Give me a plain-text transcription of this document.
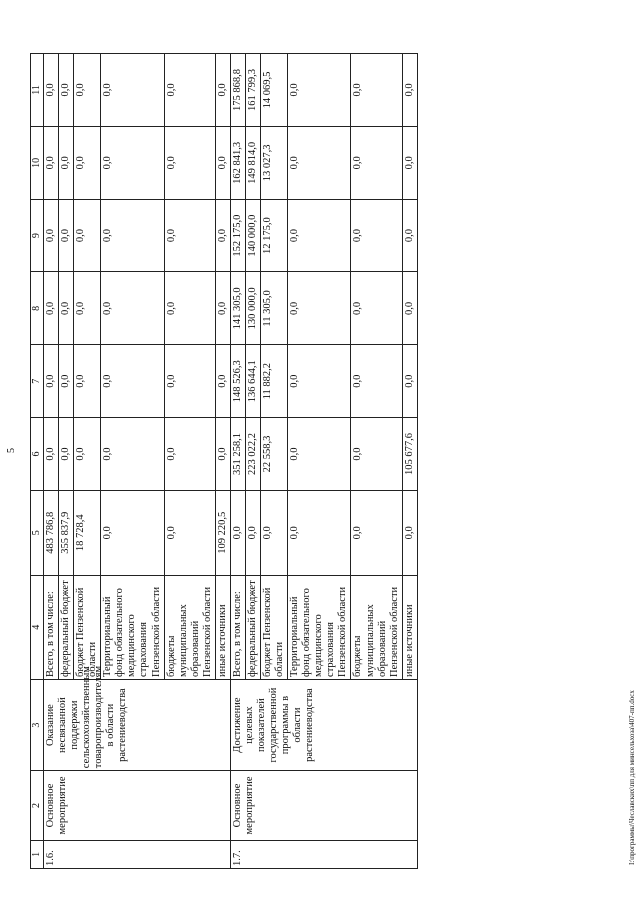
5
1	2	3	4	5	6	7	8	9	10	11
1.6.	Основное мероприятие	Оказание несвязанной поддержки сельскохозяйственным товаропроизводителям в области растениеводства	Всего, в том числе:	483 786,8	0,0	0,0	0,0	0,0	0,0	0,0
			федеральный бюджет	355 837,9	0,0	0,0	0,0	0,0	0,0	0,0
			бюджет Пензенской области	18 728,4	0,0	0,0	0,0	0,0	0,0	0,0
			Территориальный фонд обязательного медицинского страхования Пензенской области	0,0	0,0	0,0	0,0	0,0	0,0	0,0
			бюджеты муниципальных образований Пензенской области	0,0	0,0	0,0	0,0	0,0	0,0	0,0
			иные источники	109 220,5	0,0	0,0	0,0	0,0	0,0	0,0
1.7.	Основное мероприятие	Достижение целевых показателей государственной программы в области растениеводства	Всего, в том числе:	0,0	351 258,1	148 526,3	141 305,0	152 175,0	162 841,3	175 868,8
			федеральный бюджет	0,0	223 022,2	136 644,1	130 000,0	140 000,0	149 814,0	161 799,3
			бюджет Пензенской области	0,0	22 558,3	11 882,2	11 305,0	12 175,0	13 027,3	14 069,5
			Территориальный фонд обязательного медицинского страхования Пензенской области	0,0	0,0	0,0	0,0	0,0	0,0	0,0
			бюджеты муниципальных образований Пензенской области	0,0	0,0	0,0	0,0	0,0	0,0	0,0
			иные источники	0,0	105 677,6	0,0	0,0	0,0	0,0	0,0
I:\программы\Чеславских\пп для минсельхоза\407-пп.docx
